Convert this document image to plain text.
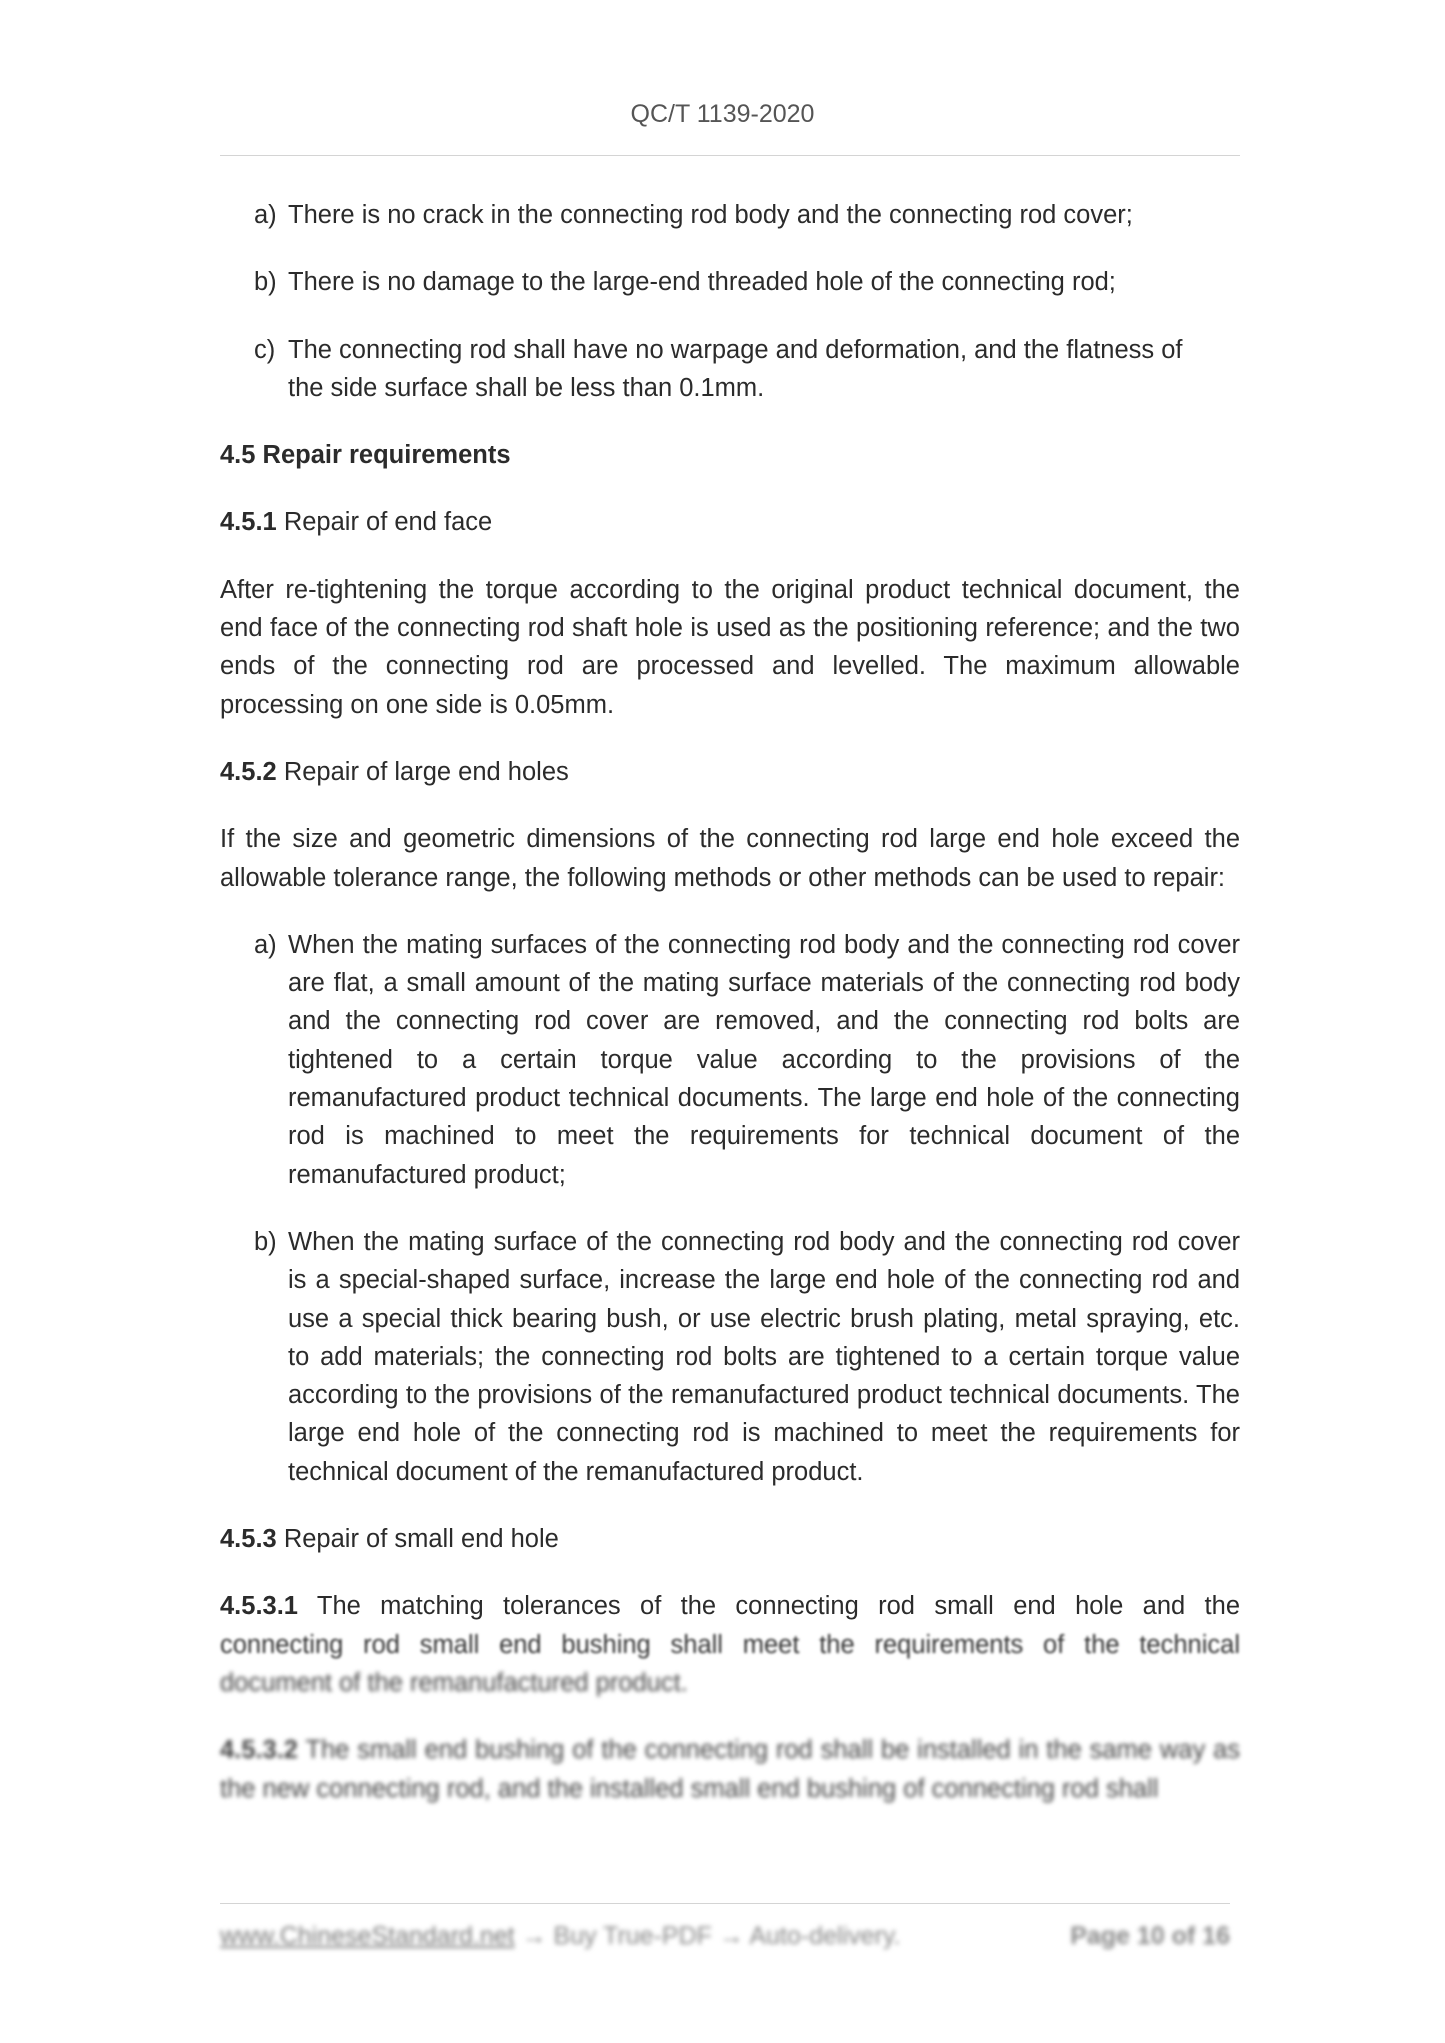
QC/T 1139-2020
a) There is no crack in the connecting rod body and the connecting rod cover;
b) There is no damage to the large-end threaded hole of the connecting rod;
c) The connecting rod shall have no warpage and deformation, and the flatness of
the side surface shall be less than 0.1mm.

4.5 Repair requirements

4.5.1 Repair of end face

After re-tightening the torque according to the original product technical document, the end face of the connecting rod shaft hole is used as the positioning reference; and the two ends of the connecting rod are processed and levelled. The maximum allowable processing on one side is 0.05mm.

4.5.2 Repair of large end holes

If the size and geometric dimensions of the connecting rod large end hole exceed the allowable tolerance range, the following methods or other methods can be used to repair:

a) When the mating surfaces of the connecting rod body and the connecting rod cover are flat, a small amount of the mating surface materials of the connecting rod body and the connecting rod cover are removed, and the connecting rod bolts are tightened to a certain torque value according to the provisions of the remanufactured product technical documents. The large end hole of the connecting rod is machined to meet the requirements for technical document of the remanufactured product;
b) When the mating surface of the connecting rod body and the connecting rod cover is a special-shaped surface, increase the large end hole of the connecting rod and use a special thick bearing bush, or use electric brush plating, metal spraying, etc. to add materials; the connecting rod bolts are tightened to a certain torque value according to the provisions of the remanufactured product technical documents. The large end hole of the connecting rod is machined to meet the requirements for technical document of the remanufactured product.

4.5.3 Repair of small end hole

4.5.3.1 The matching tolerances of the connecting rod small end hole and the
connecting rod small end bushing shall meet the requirements of the technical
document of the remanufactured product.

4.5.3.2 The small end bushing of the connecting rod shall be installed in the same way as the new connecting rod, and the installed small end bushing of connecting rod shall

www.ChineseStandard.net → Buy True-PDF → Auto-delivery.	Page 10 of 16
